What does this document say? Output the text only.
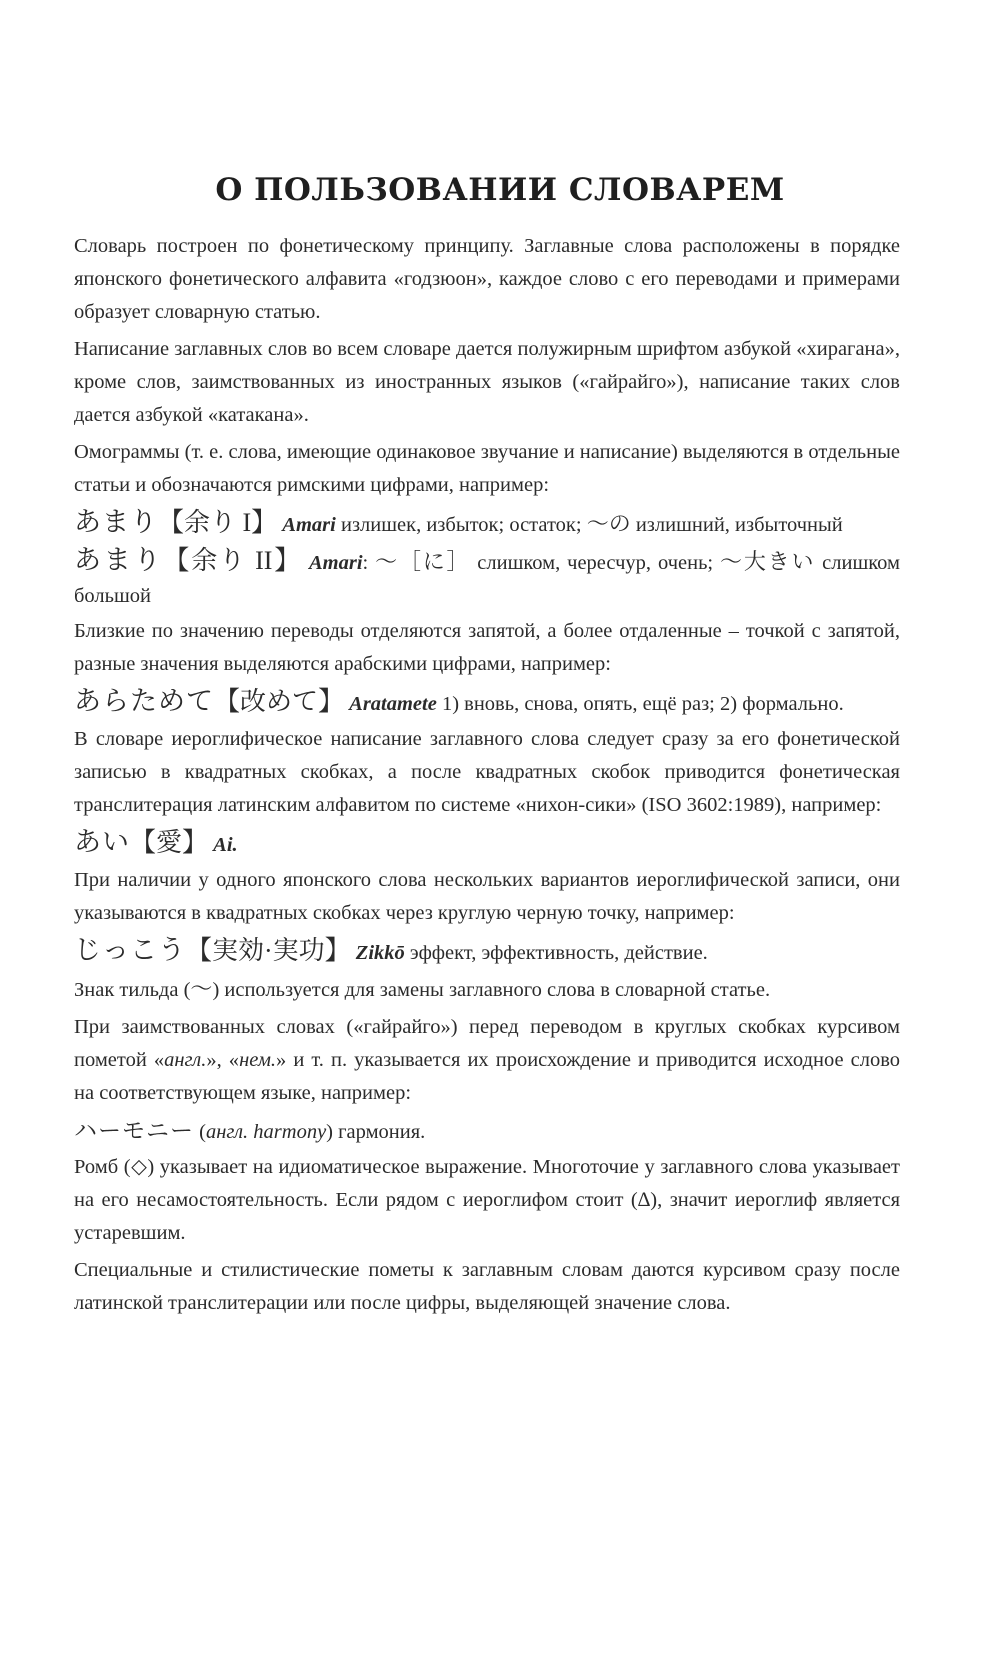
О ПОЛЬЗОВАНИИ СЛОВАРЕМ

Словарь построен по фонетическому принципу. Заглавные слова расположены в порядке японского фонетического алфавита «годзюон», каждое слово с его переводами и примерами образует словарную статью.

Написание заглавных слов во всем словаре дается полужирным шрифтом азбукой «хирагана», кроме слов, заимствованных из иностранных языков («гайрайго»), написание таких слов дается азбукой «катакана».

Омограммы (т. е. слова, имеющие одинаковое звучание и написание) выделяются в отдельные статьи и обозначаются римскими цифрами, например:

あまり【余り I】 Amari излишек, избыток; остаток; 〜の излишний, избыточный

あまり【余り II】 Amari: 〜［に］ слишком, чересчур, очень; 〜大きい слишком большой

Близкие по значению переводы отделяются запятой, а более отдаленные – точкой с запятой, разные значения выделяются арабскими цифрами, например:

あらためて【改めて】 Aratamete 1) вновь, снова, опять, ещё раз; 2) формально.

В словаре иероглифическое написание заглавного слова следует сразу за его фонетической записью в квадратных скобках, а после квадратных скобок приводится фонетическая транслитерация латинским алфавитом по системе «нихон-сики» (ISO 3602:1989), например:

あい【愛】 Ai.

При наличии у одного японского слова нескольких вариантов иероглифической записи, они указываются в квадратных скобках через круглую черную точку, например:

じっこう【実効·実功】 Zikkō эффект, эффективность, действие.

Знак тильда (〜) используется для замены заглавного слова в словарной статье.

При заимствованных словах («гайрайго») перед переводом в круглых скобках курсивом пометой «англ.», «нем.» и т. п. указывается их происхождение и приводится исходное слово на соответствующем языке, например:

ハーモニー (англ. harmony) гармония.

Ромб (◇) указывает на идиоматическое выражение. Многоточие у заглавного слова указывает на его несамостоятельность. Если рядом с иероглифом стоит (∆), значит иероглиф является устаревшим.

Специальные и стилистические пометы к заглавным словам даются курсивом сразу после латинской транслитерации или после цифры, выделяющей значение слова.
